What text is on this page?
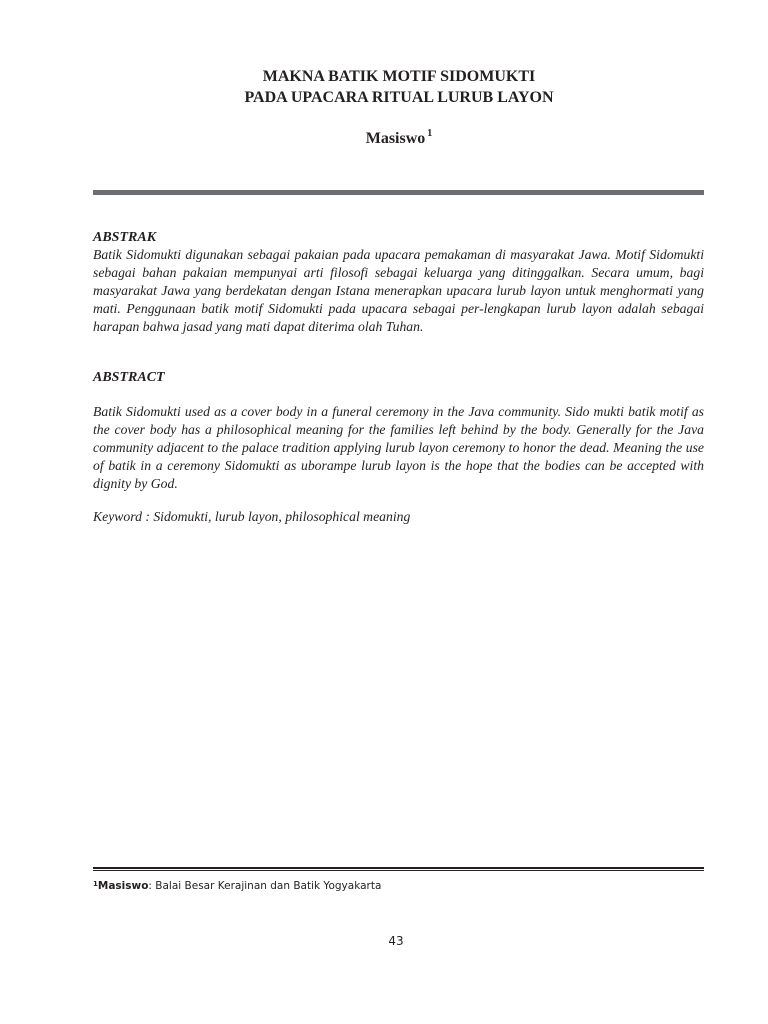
MAKNA BATIK MOTIF SIDOMUKTI
PADA UPACARA RITUAL LURUB LAYON
Masiswo $^1$
ABSTRAK
Batik Sidomukti digunakan sebagai pakaian pada upacara pemakaman di masyarakat Jawa. Motif Sidomukti sebagai bahan pakaian mempunyai arti filosofi sebagai keluarga yang ditinggalkan. Secara umum, bagi masyarakat Jawa yang berdekatan dengan Istana menerapkan upacara lurub layon untuk menghormati yang mati. Penggunaan batik motif Sidomukti pada upacara sebagai per-lengkapan lurub layon adalah sebagai harapan bahwa jasad yang mati dapat diterima olah Tuhan.
ABSTRACT
Batik Sidomukti used as a cover body in a funeral ceremony in the Java community. Sido mukti batik motif as the cover body has a philosophical meaning for the families left behind by the body. Generally for the Java community adjacent to the palace tradition applying lurub layon ceremony to honor the dead. Meaning the use of batik in a ceremony Sidomukti as uborampe lurub layon is the hope that the bodies can be accepted with dignity by God.
Keyword : Sidomukti, lurub layon, philosophical meaning
$^1$Masiswo: Balai Besar Kerajinan dan Batik Yogyakarta
43
